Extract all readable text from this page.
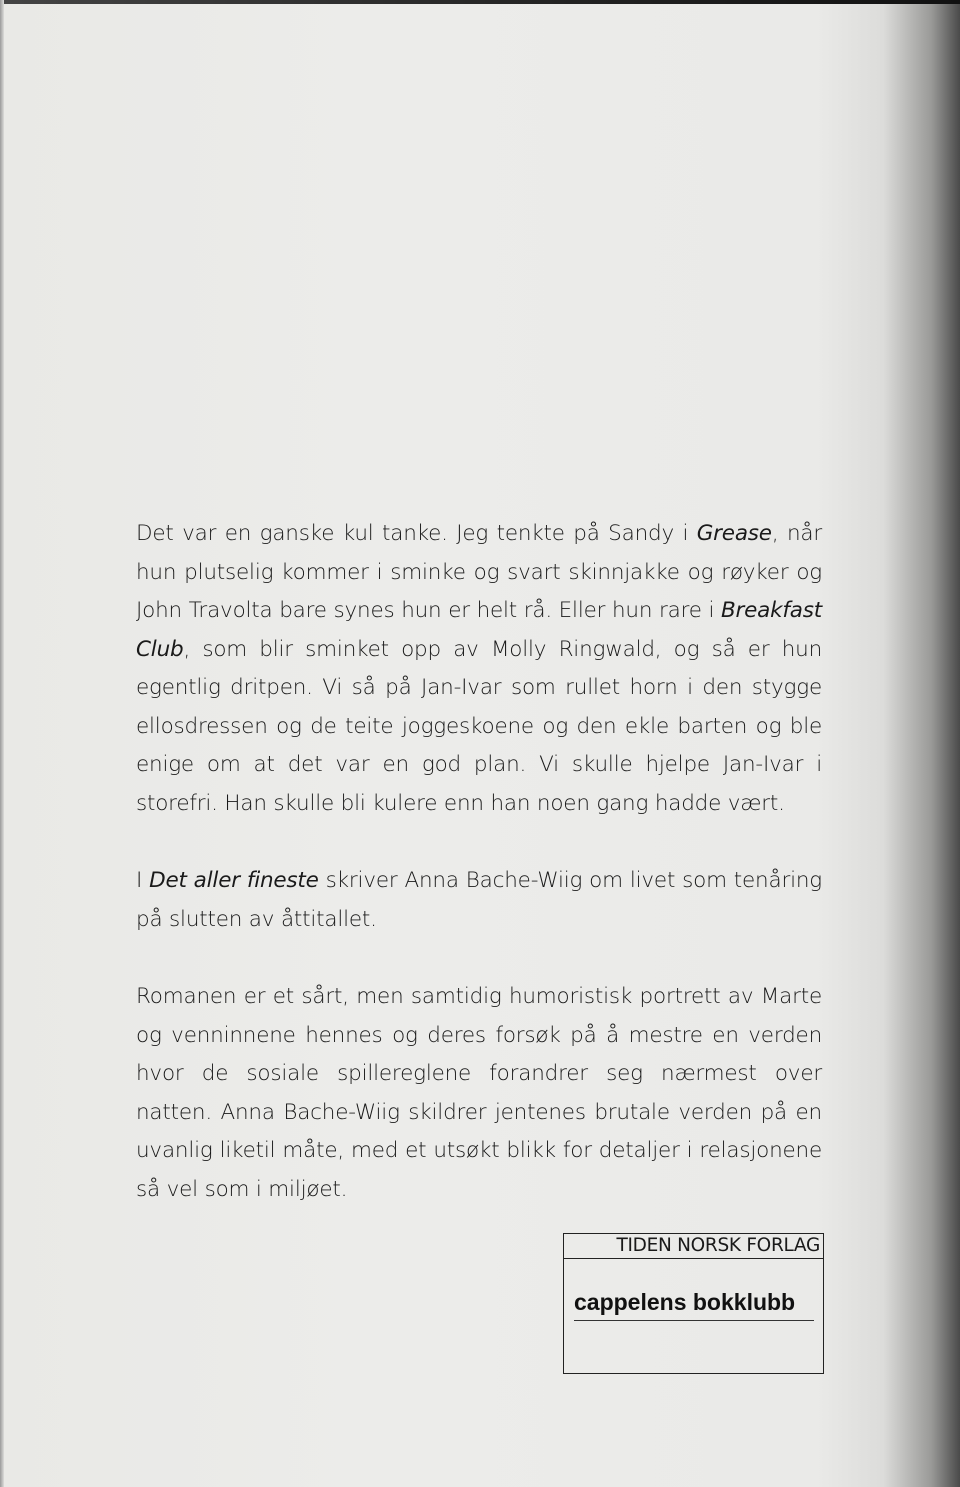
Det var en ganske kul tanke. Jeg tenkte på Sandy i Grease, når hun plutselig kommer i sminke og svart skinnjakke og røyker og John Travolta bare synes hun er helt rå. Eller hun rare i Breakfast Club, som blir sminket opp av Molly Ringwald, og så er hun egentlig dritpen. Vi så på Jan-Ivar som rullet horn i den stygge ellosdressen og de teite joggeskoene og den ekle barten og ble enige om at det var en god plan. Vi skulle hjelpe Jan-Ivar i storefri. Han skulle bli kulere enn han noen gang hadde vært.

I Det aller fineste skriver Anna Bache-Wiig om livet som tenåring på slutten av åttitallet.

Romanen er et sårt, men samtidig humoristisk portrett av Marte og venninnene hennes og deres forsøk på å mestre en verden hvor de sosiale spillereglene forandrer seg nærmest over natten. Anna Bache-Wiig skildrer jentenes brutale verden på en uvanlig liketil måte, med et utsøkt blikk for detaljer i relasjonene så vel som i miljøet.

TIDEN NORSK FORLAG
cappelens bokklubb
